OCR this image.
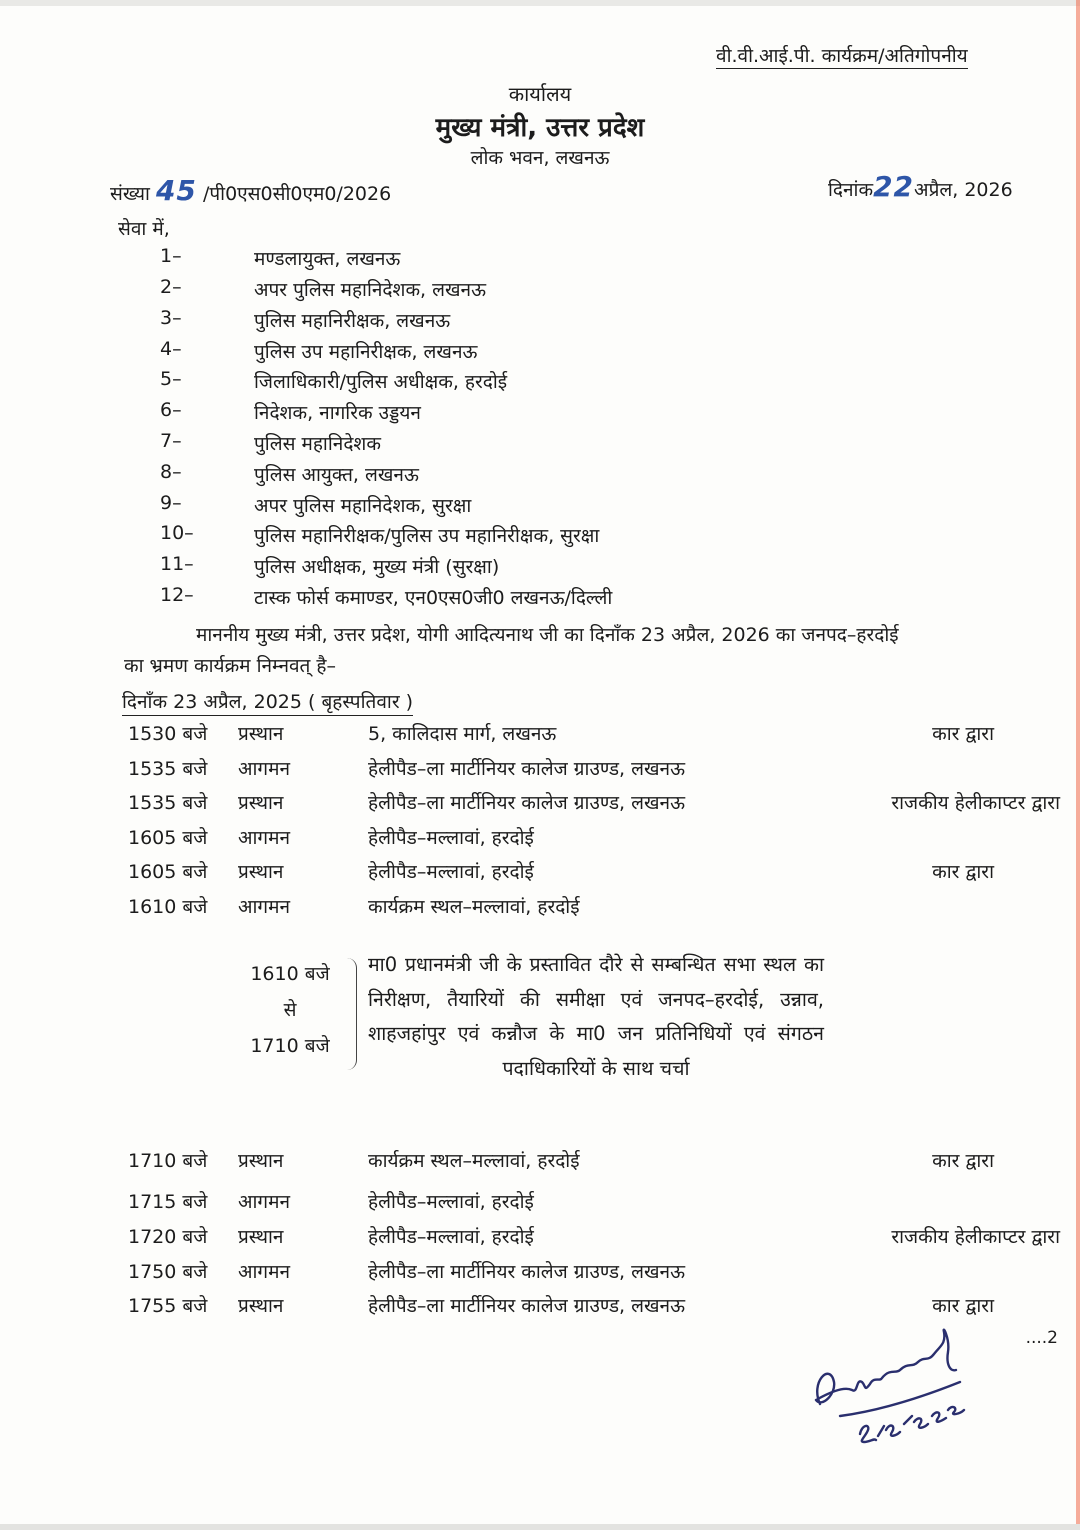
वी.वी.आई.पी. कार्यक्रम/अतिगोपनीय
कार्यालय
मुख्य मंत्री, उत्तर प्रदेश
लोक भवन, लखनऊ
संख्या 45 /पी0एस0सी0एम0/2026	दिनांक22अप्रैल, 2026
सेवा में,
1–	मण्डलायुक्त, लखनऊ
2–	अपर पुलिस महानिदेशक, लखनऊ
3–	पुलिस महानिरीक्षक, लखनऊ
4–	पुलिस उप महानिरीक्षक, लखनऊ
5–	जिलाधिकारी/पुलिस अधीक्षक, हरदोई
6–	निदेशक, नागरिक उड्डयन
7–	पुलिस महानिदेशक
8–	पुलिस आयुक्त, लखनऊ
9–	अपर पुलिस महानिदेशक, सुरक्षा
10–	पुलिस महानिरीक्षक/पुलिस उप महानिरीक्षक, सुरक्षा
11–	पुलिस अधीक्षक, मुख्य मंत्री (सुरक्षा)
12–	टास्क फोर्स कमाण्डर, एन0एस0जी0 लखनऊ/दिल्ली
माननीय मुख्य मंत्री, उत्तर प्रदेश, योगी आदित्यनाथ जी का दिनाँक 23 अप्रैल, 2026 का जनपद–हरदोई
का भ्रमण कार्यक्रम निम्नवत् है–
दिनाँक 23 अप्रैल, 2025 ( बृहस्पतिवार )
1530 बजे प्रस्थान	5, कालिदास मार्ग, लखनऊ	कार द्वारा
1535 बजे आगमन	हेलीपैड–ला मार्टीनियर कालेज ग्राउण्ड, लखनऊ
1535 बजे प्रस्थान	हेलीपैड–ला मार्टीनियर कालेज ग्राउण्ड, लखनऊ	राजकीय हेलीकाप्टर द्वारा
1605 बजे आगमन	हेलीपैड–मल्लावां, हरदोई
1605 बजे प्रस्थान	हेलीपैड–मल्लावां, हरदोई	कार द्वारा
1610 बजे आगमन	कार्यक्रम स्थल–मल्लावां, हरदोई
1610 बजे
से
1710 बजे
मा0 प्रधानमंत्री जी के प्रस्तावित दौरे से सम्बन्धित सभा स्थल का निरीक्षण, तैयारियों की समीक्षा एवं जनपद–हरदोई, उन्नाव, शाहजहांपुर एवं कन्नौज के मा0 जन प्रतिनिधियों एवं संगठन पदाधिकारियों के साथ चर्चा
1710 बजे प्रस्थान	कार्यक्रम स्थल–मल्लावां, हरदोई	कार द्वारा
1715 बजे आगमन	हेलीपैड–मल्लावां, हरदोई
1720 बजे प्रस्थान	हेलीपैड–मल्लावां, हरदोई	राजकीय हेलीकाप्टर द्वारा
1750 बजे आगमन	हेलीपैड–ला मार्टीनियर कालेज ग्राउण्ड, लखनऊ
1755 बजे प्रस्थान	हेलीपैड–ला मार्टीनियर कालेज ग्राउण्ड, लखनऊ	कार द्वारा
....2
